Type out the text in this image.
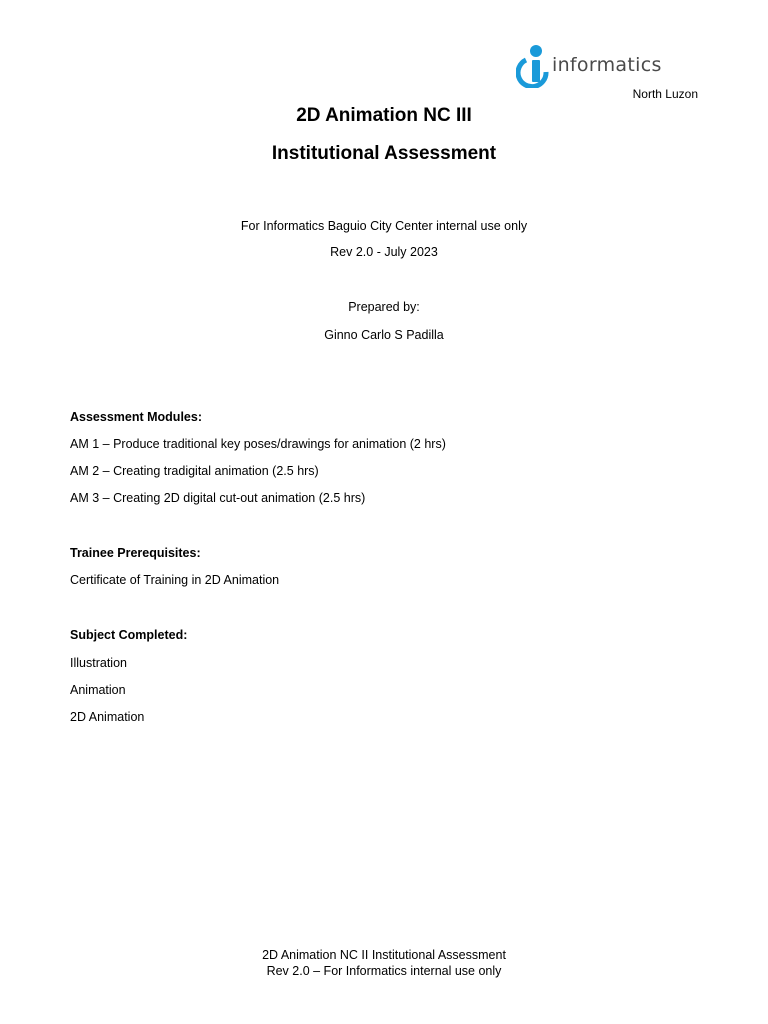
informatics
North Luzon
2D Animation NC III
Institutional Assessment
For Informatics Baguio City Center internal use only
Rev 2.0 - July 2023
Prepared by:
Ginno Carlo S Padilla
Assessment Modules:
AM 1 – Produce traditional key poses/drawings for animation (2 hrs)
AM 2 – Creating tradigital animation (2.5 hrs)
AM 3 – Creating 2D digital cut-out animation (2.5 hrs)
Trainee Prerequisites:
Certificate of Training in 2D Animation
Subject Completed:
Illustration
Animation
2D Animation
2D Animation NC II Institutional Assessment
Rev 2.0 – For Informatics internal use only
